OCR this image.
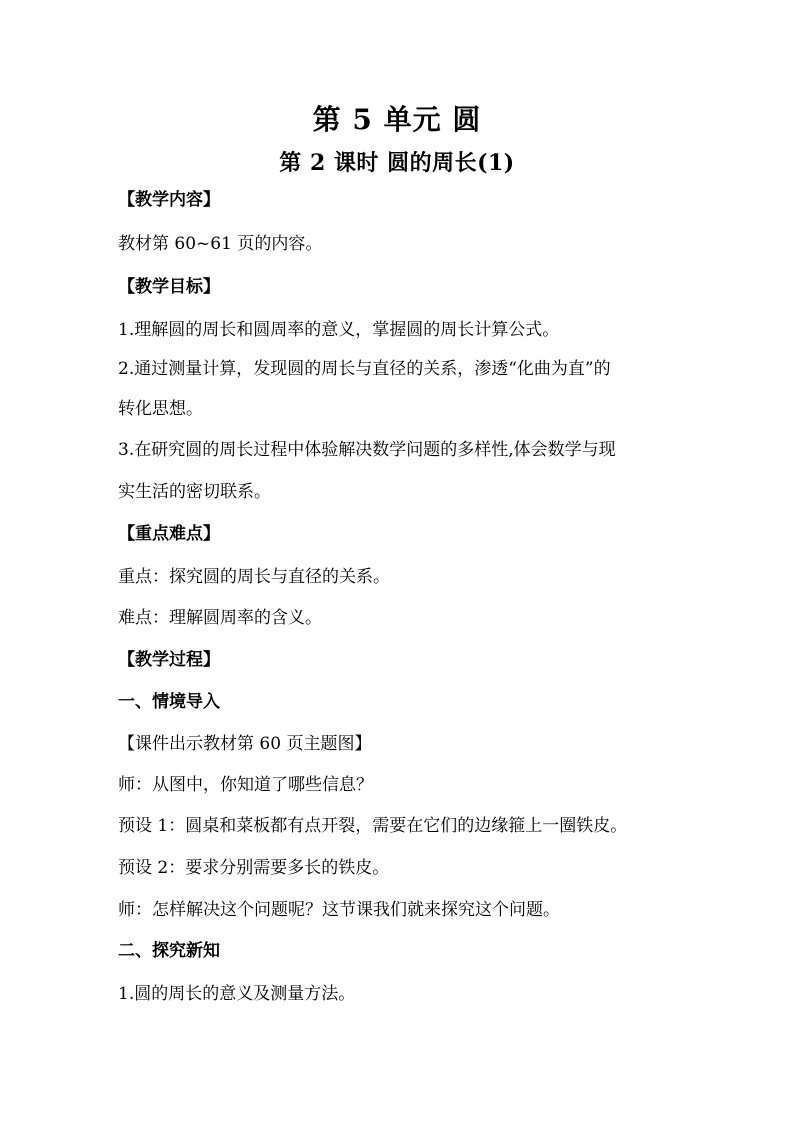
第 5 单元 圆
第 2 课时 圆的周长(1)
【教学内容】
教材第 60~61 页的内容。
【教学目标】
1.理解圆的周长和圆周率的意义，掌握圆的周长计算公式。
2.通过测量计算，发现圆的周长与直径的关系，渗透“化曲为直”的
转化思想。
3.在研究圆的周长过程中体验解决数学问题的多样性,体会数学与现
实生活的密切联系。
【重点难点】
重点：探究圆的周长与直径的关系。
难点：理解圆周率的含义。
【教学过程】
一、情境导入
【课件出示教材第 60 页主题图】
师：从图中，你知道了哪些信息？
预设 1：圆桌和菜板都有点开裂，需要在它们的边缘箍上一圈铁皮。
预设 2：要求分别需要多长的铁皮。
师：怎样解决这个问题呢？这节课我们就来探究这个问题。
二、探究新知
1.圆的周长的意义及测量方法。
